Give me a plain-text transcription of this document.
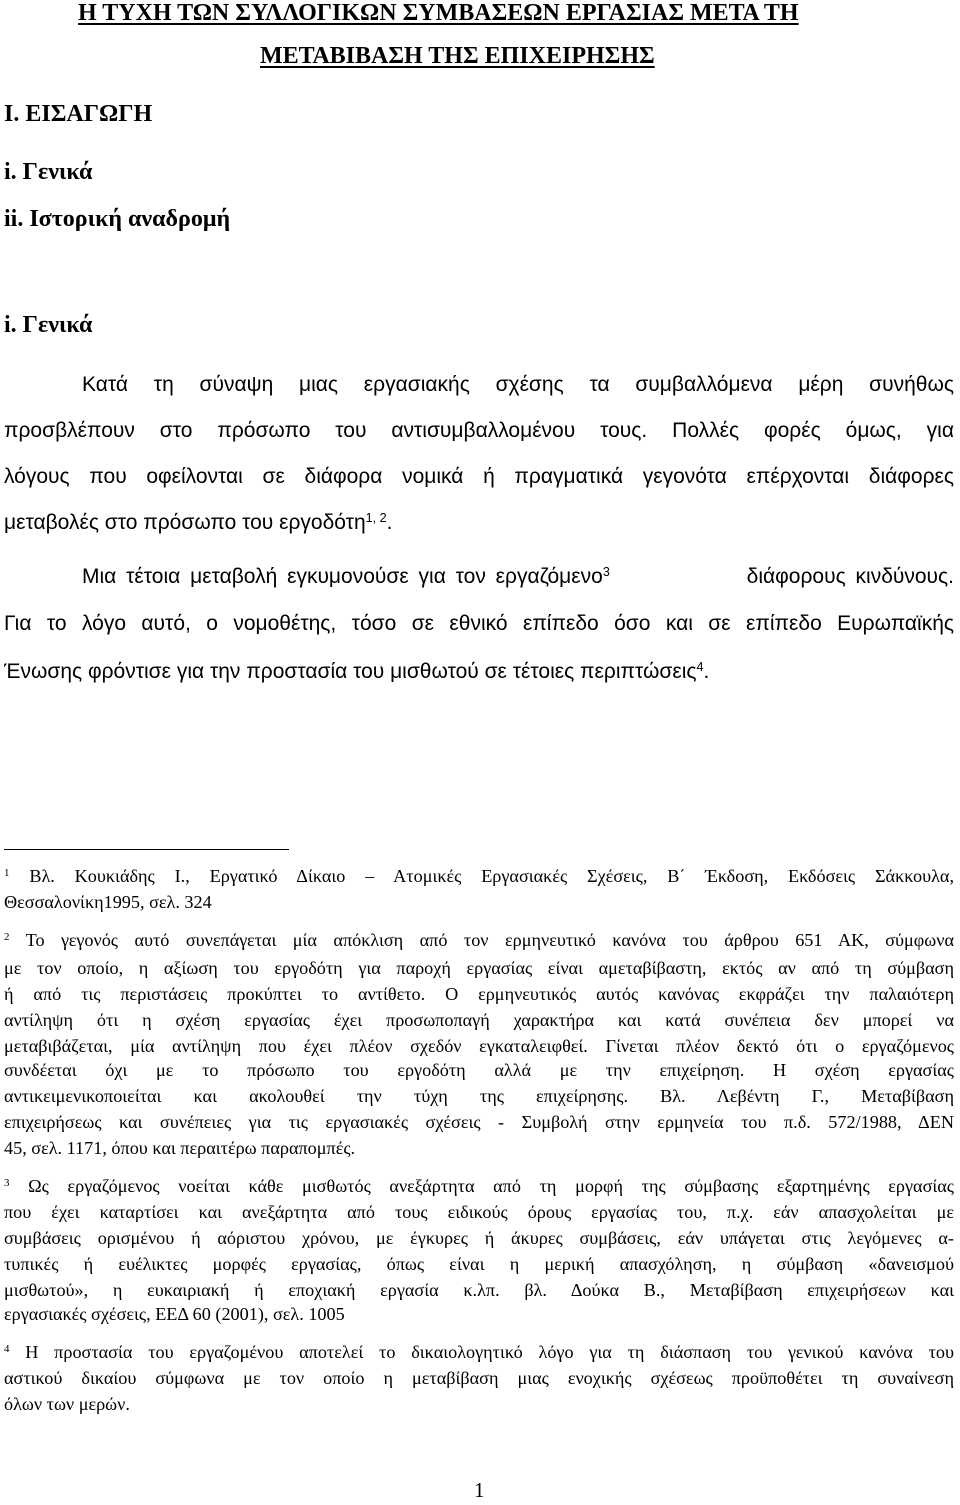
Η ΤΥΧΗ ΤΩΝ ΣΥΛΛΟΓΙΚΩΝ ΣΥΜΒΑΣΕΩΝ ΕΡΓΑΣΙΑΣ ΜΕΤΑ ΤΗ
ΜΕΤΑΒΙΒΑΣΗ ΤΗΣ ΕΠΙΧΕΙΡΗΣΗΣ
I. ΕΙΣΑΓΩΓΗ
i. Γενικά
ii. Ιστορική αναδρομή
i. Γενικά
Κατά τη σύναψη μιας εργασιακής σχέσης τα συμβαλλόμενα μέρη συνήθως
προσβλέπουν στο πρόσωπο του αντισυμβαλλομένου τους. Πολλές φορές όμως, για
λόγους που οφείλονται σε διάφορα νομικά ή πραγματικά γεγονότα επέρχονται διάφορες
μεταβολές στο πρόσωπο του εργοδότη$^{1, 2}$.
Μια τέτοια μεταβολή εγκυμονούσε για τον εργαζόμενο$^3$	διάφορους κινδύνους.
Για το λόγο αυτό, ο νομοθέτης, τόσο σε εθνικό επίπεδο όσο και σε επίπεδο Ευρωπαϊκής
Ένωσης φρόντισε για την προστασία του μισθωτού σε τέτοιες περιπτώσεις$^4$.
$^1$ Βλ. Κουκιάδης Ι., Εργατικό Δίκαιο – Ατομικές Εργασιακές Σχέσεις, Β΄ Έκδοση, Εκδόσεις Σάκκουλα,
Θεσσαλονίκη1995, σελ. 324
$^2$ Το γεγονός αυτό συνεπάγεται μία απόκλιση από τον ερμηνευτικό κανόνα του άρθρου 651 ΑΚ, σύμφωνα
με τον οποίο, η αξίωση του εργοδότη για παροχή εργασίας είναι αμεταβίβαστη, εκτός αν από τη σύμβαση
ή από τις περιστάσεις προκύπτει το αντίθετο. Ο ερμηνευτικός αυτός κανόνας εκφράζει την παλαιότερη
αντίληψη ότι η σχέση εργασίας έχει προσωποπαγή χαρακτήρα και κατά συνέπεια δεν μπορεί να
μεταβιβάζεται, μία αντίληψη που έχει πλέον σχεδόν εγκαταλειφθεί. Γίνεται πλέον δεκτό ότι ο εργαζόμενος
συνδέεται όχι με το πρόσωπο του εργοδότη αλλά με την επιχείρηση. Η σχέση εργασίας
αντικειμενικοποιείται και ακολουθεί την τύχη της επιχείρησης. Βλ. Λεβέντη Γ., Μεταβίβαση
επιχειρήσεως και συνέπειες για τις εργασιακές σχέσεις - Συμβολή στην ερμηνεία του π.δ. 572/1988, ΔΕΝ
45, σελ. 1171, όπου και περαιτέρω παραπομπές.
$^3$ Ως εργαζόμενος νοείται κάθε μισθωτός ανεξάρτητα από τη μορφή της σύμβασης εξαρτημένης εργασίας
που έχει καταρτίσει και ανεξάρτητα από τους ειδικούς όρους εργασίας του, π.χ. εάν απασχολείται με
συμβάσεις ορισμένου ή αόριστου χρόνου, με έγκυρες ή άκυρες συμβάσεις, εάν υπάγεται στις λεγόμενες α-
τυπικές ή ευέλικτες μορφές εργασίας, όπως είναι η μερική απασχόληση, η σύμβαση «δανεισμού
μισθωτού», η ευκαιριακή ή εποχιακή εργασία κ.λπ. βλ. Δούκα Β., Μεταβίβαση επιχειρήσεων και
εργασιακές σχέσεις, ΕΕΔ 60 (2001), σελ. 1005
$^4$ Η προστασία του εργαζομένου αποτελεί το δικαιολογητικό λόγο για τη διάσπαση του γενικού κανόνα του
αστικού δικαίου σύμφωνα με τον οποίο η μεταβίβαση μιας ενοχικής σχέσεως προϋποθέτει τη συναίνεση
όλων των μερών.
1
